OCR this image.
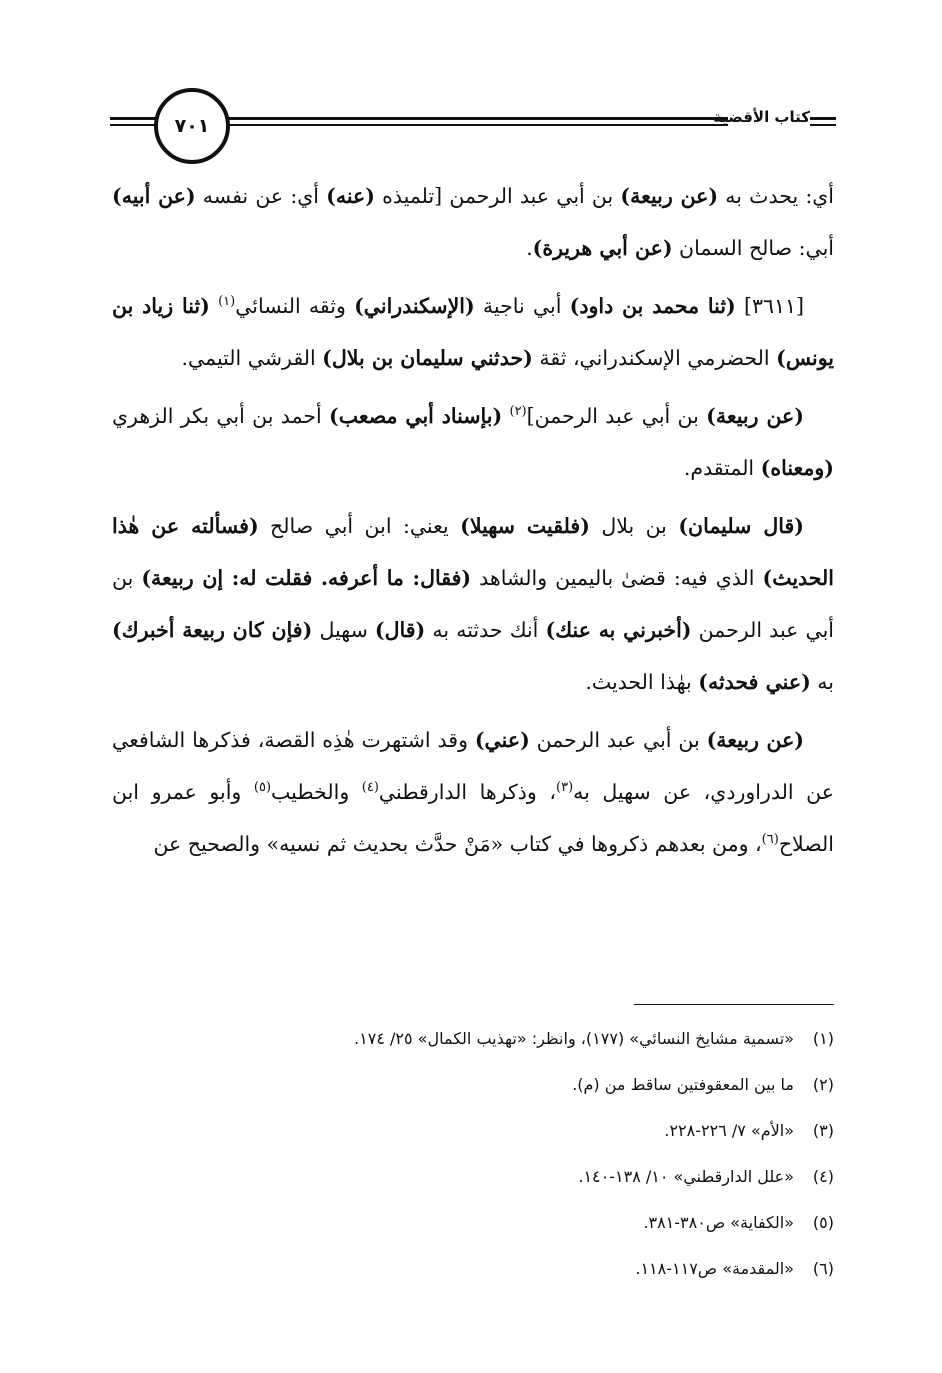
٧٠١	كتاب الأقضية

أي: يحدث به (عن ربيعة) بن أبي عبد الرحمن [تلميذه (عنه) أي: عن نفسه (عن أبيه) أبي: صالح السمان (عن أبي هريرة).

[٣٦١١] (ثنا محمد بن داود) أبي ناجية (الإسكندراني) وثقه النسائي$^{(١)}$ (ثنا زياد بن يونس) الحضرمي الإسكندراني، ثقة (حدثني سليمان بن بلال) القرشي التيمي.

(عن ربيعة) بن أبي عبد الرحمن]$^{(٢)}$ (بإسناد أبي مصعب) أحمد بن أبي بكر الزهري (ومعناه) المتقدم.

(قال سليمان) بن بلال (فلقيت سهيلا) يعني: ابن أبي صالح (فسألته عن هٰذا الحديث) الذي فيه: قضىٰ باليمين والشاهد (فقال: ما أعرفه. فقلت له: إن ربيعة) بن أبي عبد الرحمن (أخبرني به عنك) أنك حدثته به (قال) سهيل (فإن كان ربيعة أخبرك) به (عني فحدثه) بهٰذا الحديث.

(عن ربيعة) بن أبي عبد الرحمن (عني) وقد اشتهرت هٰذِه القصة، فذكرها الشافعي عن الدراوردي، عن سهيل به$^{(٣)}$، وذكرها الدارقطني$^{(٤)}$ والخطيب$^{(٥)}$ وأبو عمرو ابن الصلاح$^{(٦)}$، ومن بعدهم ذكروها في كتاب «مَنْ حدَّث بحديث ثم نسيه» والصحيح عن

(١)«تسمية مشايخ النسائي» (١٧٧)، وانظر: «تهذيب الكمال» ٢٥/ ١٧٤.
(٢)ما بين المعقوفتين ساقط من (م).
(٣)«الأم» ٧/ ٢٢٦-٢٢٨.
(٤)«علل الدارقطني» ١٠/ ١٣٨-١٤٠.
(٥)«الكفاية» ص٣٨٠-٣٨١.
(٦)«المقدمة» ص١١٧-١١٨.
